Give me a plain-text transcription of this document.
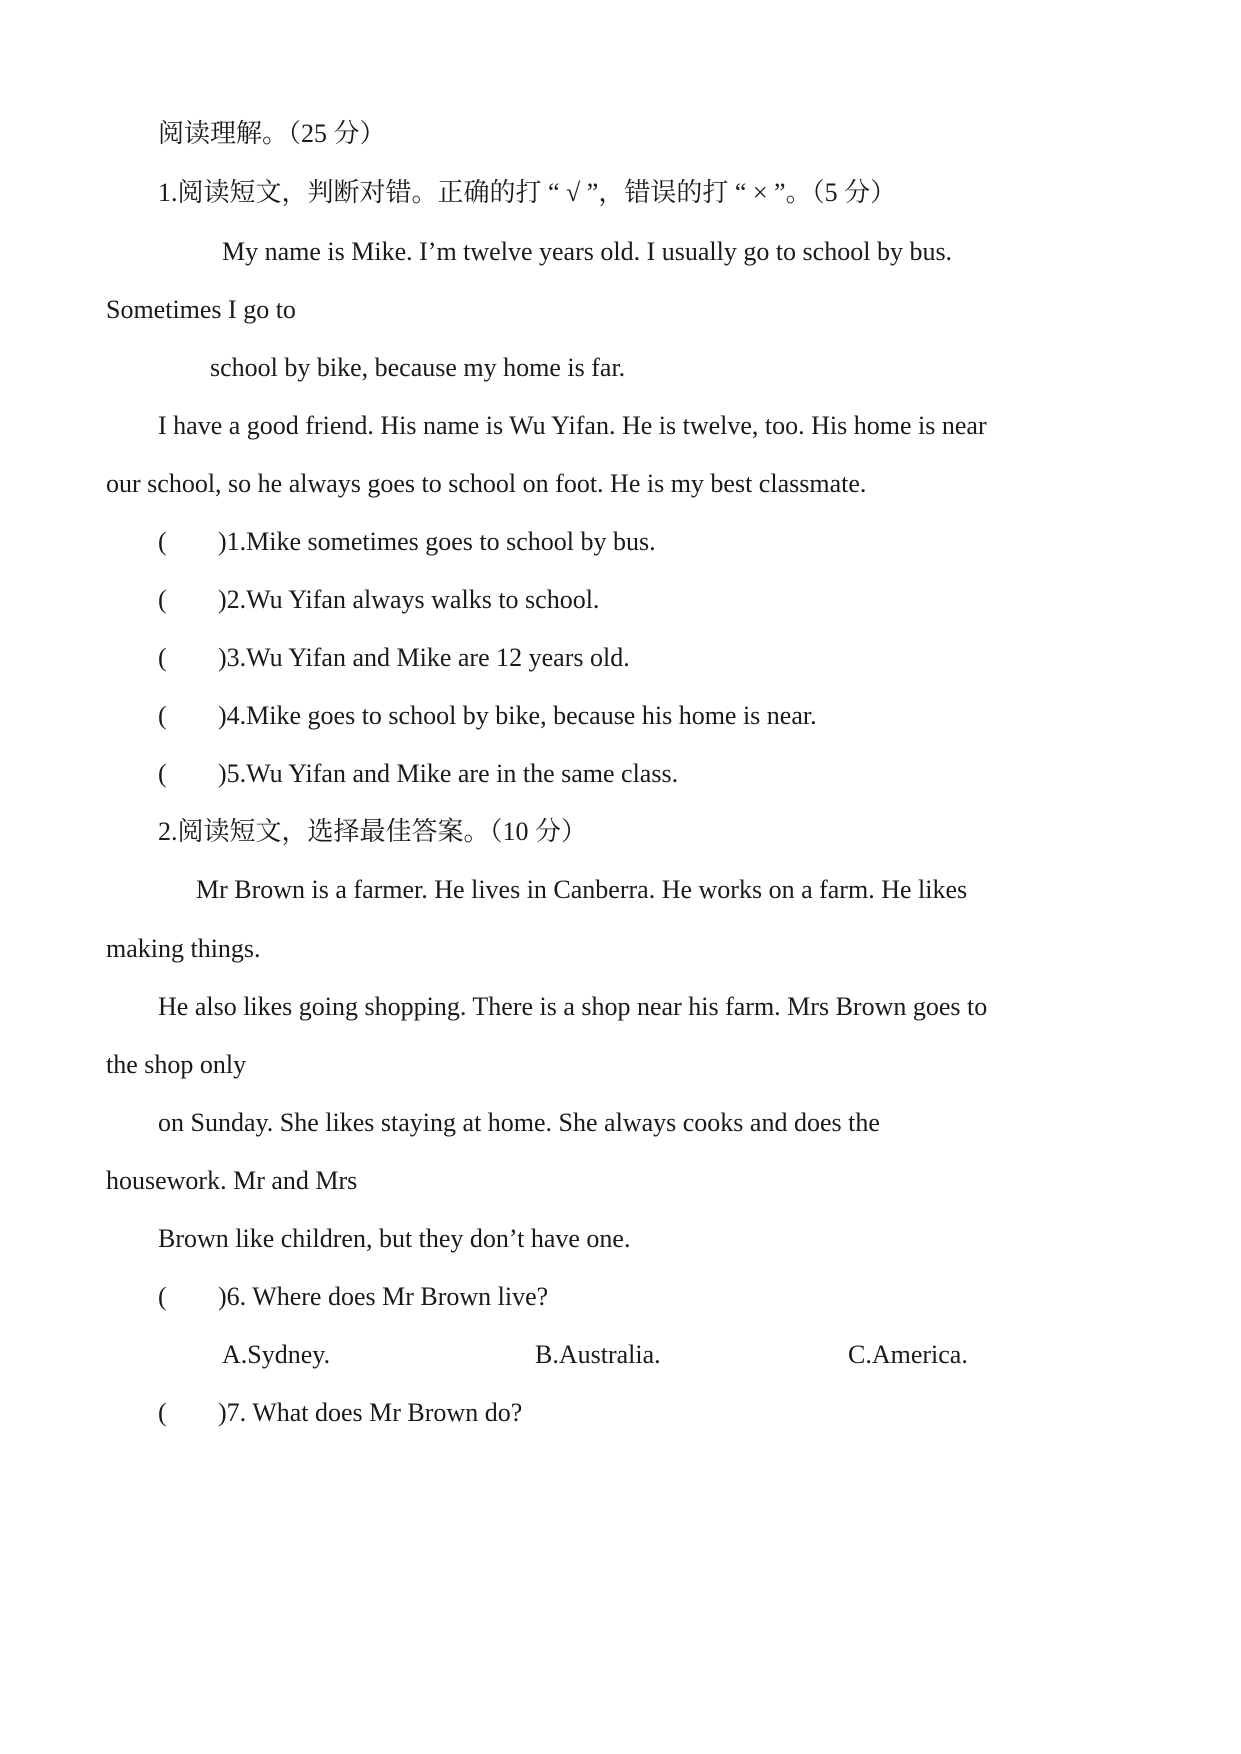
阅读理解。（25 分）
1.阅读短文，判断对错。正确的打 “ √ ”，错误的打 “ × ”。（5 分）
My name is Mike. I’m twelve years old. I usually go to school by bus.
Sometimes I go to
school by bike, because my home is far.
I have a good friend. His name is Wu Yifan. He is twelve, too. His home is near
our school, so he always goes to school on foot. He is my best classmate.
( )1.Mike sometimes goes to school by bus.
( )2.Wu Yifan always walks to school.
( )3.Wu Yifan and Mike are 12 years old.
( )4.Mike goes to school by bike, because his home is near.
( )5.Wu Yifan and Mike are in the same class.
2.阅读短文，选择最佳答案。（10 分）
Mr Brown is a farmer. He lives in Canberra. He works on a farm. He likes
making things.
He also likes going shopping. There is a shop near his farm. Mrs Brown goes to
the shop only
on Sunday. She likes staying at home. She always cooks and does the
housework. Mr and Mrs
Brown like children, but they don’t have one.
( )6. Where does Mr Brown live?
A.Sydney.	B.Australia.	C.America.
( )7. What does Mr Brown do?
